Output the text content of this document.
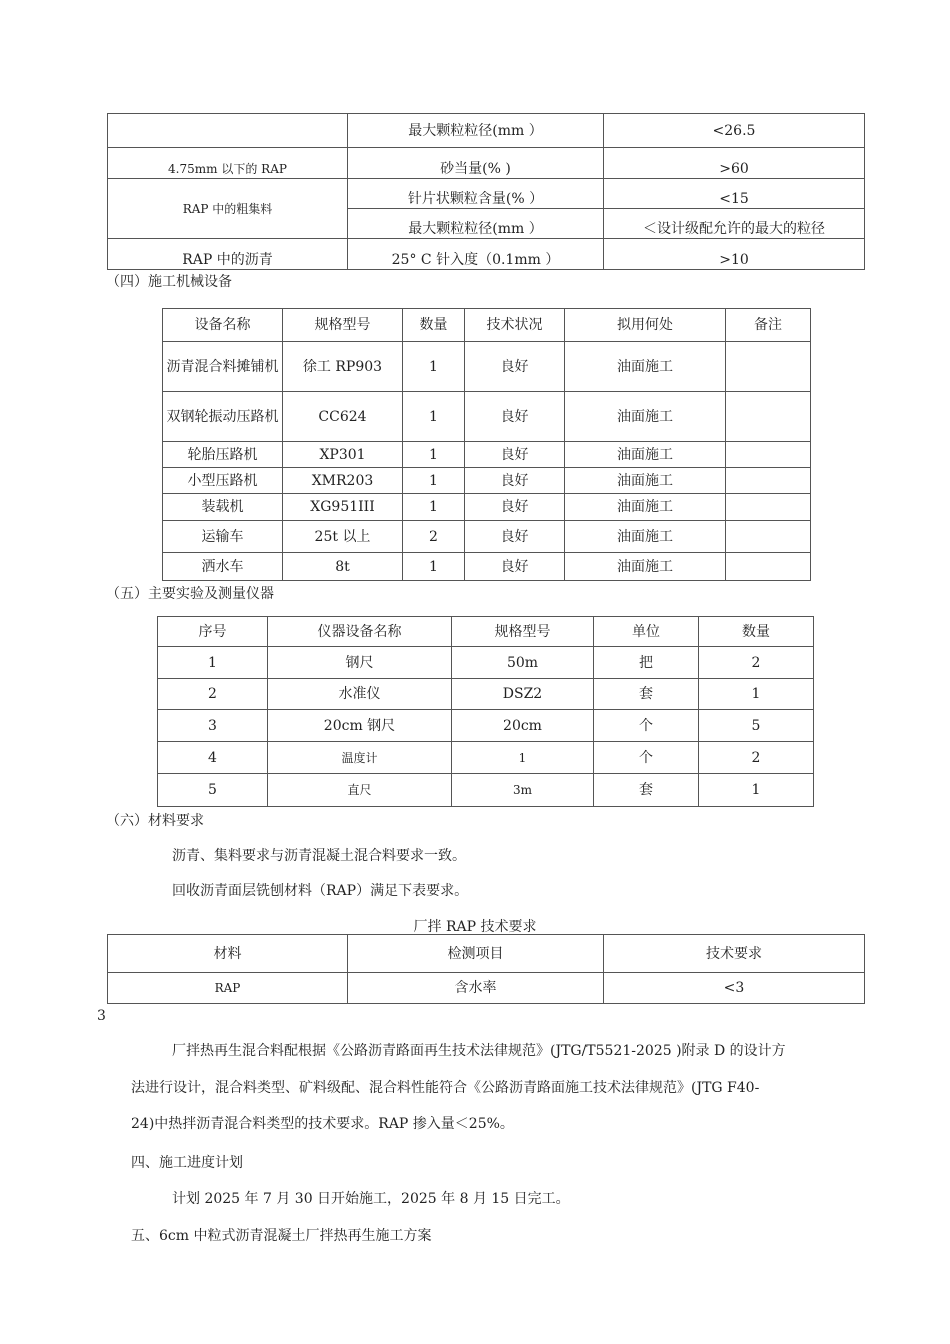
	最大颗粒粒径(mm ）	<26.5
4.75mm 以下的 RAP	砂当量(% )	>60
RAP 中的粗集料	针片状颗粒含量(% ）	<15
	最大颗粒粒径(mm ）	＜设计级配允许的最大的粒径
RAP 中的沥青	25° C 针入度（0.1mm ）	>10
（四）施工机械设备
设备名称	规格型号	数量	技术状况	拟用何处	备注
沥青混合料摊铺机	徐工 RP903	1	良好	油面施工	
双钢轮振动压路机	CC624	1	良好	油面施工	
轮胎压路机	XP301	1	良好	油面施工	
小型压路机	XMR203	1	良好	油面施工	
装载机	XG951III	1	良好	油面施工	
运输车	25t 以上	2	良好	油面施工	
洒水车	8t	1	良好	油面施工	
（五）主要实验及测量仪器
序号	仪器设备名称	规格型号	单位	数量
1	钢尺	50m	把	2
2	水准仪	DSZ2	套	1
3	20cm 钢尺	20cm	个	5
4	温度计	1	个	2
5	直尺	3m	套	1
（六）材料要求
沥青、集料要求与沥青混凝土混合料要求一致。
回收沥青面层铣刨材料（RAP）满足下表要求。
厂拌 RAP 技术要求
材料	检测项目	技术要求
RAP	含水率	<3
3
厂拌热再生混合料配根据《公路沥青路面再生技术法律规范》(JTG/T5521-2025 )附录 D 的设计方
法进行设计，混合料类型、矿料级配、混合料性能符合《公路沥青路面施工技术法律规范》(JTG F40-
24)中热拌沥青混合料类型的技术要求。RAP 掺入量＜25%。
四、施工进度计划
计划 2025 年 7 月 30 日开始施工，2025 年 8 月 15 日完工。
五、6cm 中粒式沥青混凝土厂拌热再生施工方案
